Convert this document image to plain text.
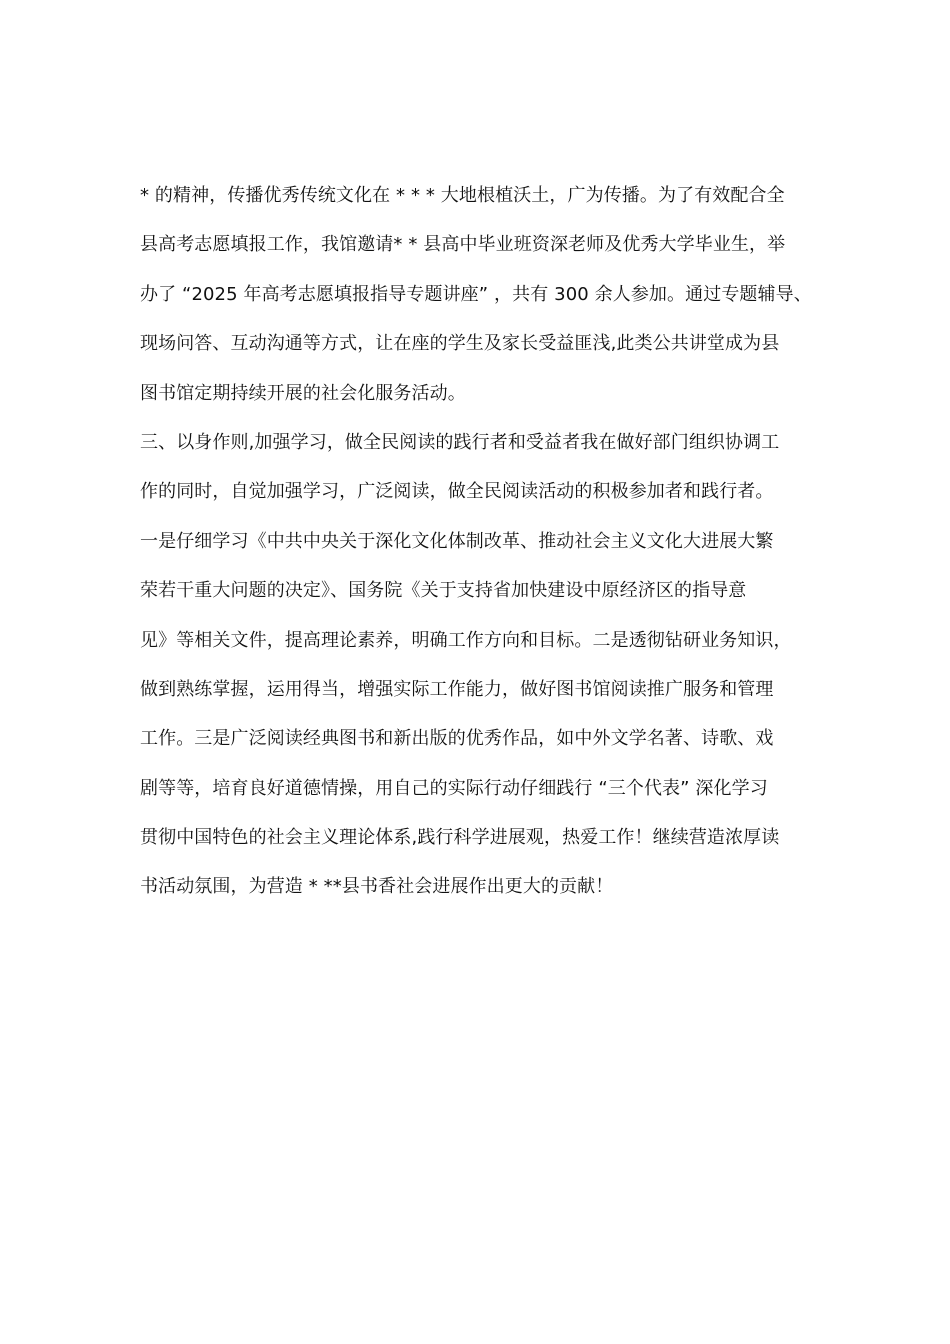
* 的精神，传播优秀传统文化在 * * * 大地根植沃土，广为传播。为了有效配合全
县高考志愿填报工作，我馆邀请* * 县高中毕业班资深老师及优秀大学毕业生，举
办了 “2025 年高考志愿填报指导专题讲座” ，共有 300 余人参加。通过专题辅导、
现场问答、互动沟通等方式，让在座的学生及家长受益匪浅,此类公共讲堂成为县
图书馆定期持续开展的社会化服务活动。
三、以身作则,加强学习，做全民阅读的践行者和受益者我在做好部门组织协调工
作的同时，自觉加强学习，广泛阅读，做全民阅读活动的积极参加者和践行者。
一是仔细学习《中共中央关于深化文化体制改革、推动社会主义文化大进展大繁
荣若干重大问题的决定》、国务院《关于支持省加快建设中原经济区的指导意
见》等相关文件，提高理论素养，明确工作方向和目标。二是透彻钻研业务知识，
做到熟练掌握，运用得当，增强实际工作能力，做好图书馆阅读推广服务和管理
工作。三是广泛阅读经典图书和新出版的优秀作品，如中外文学名著、诗歌、戏
剧等等，培育良好道德情操，用自己的实际行动仔细践行 “三个代表” 深化学习
贯彻中国特色的社会主义理论体系,践行科学进展观，热爱工作！继续营造浓厚读
书活动氛围，为营造 * **县书香社会进展作出更大的贡献！
